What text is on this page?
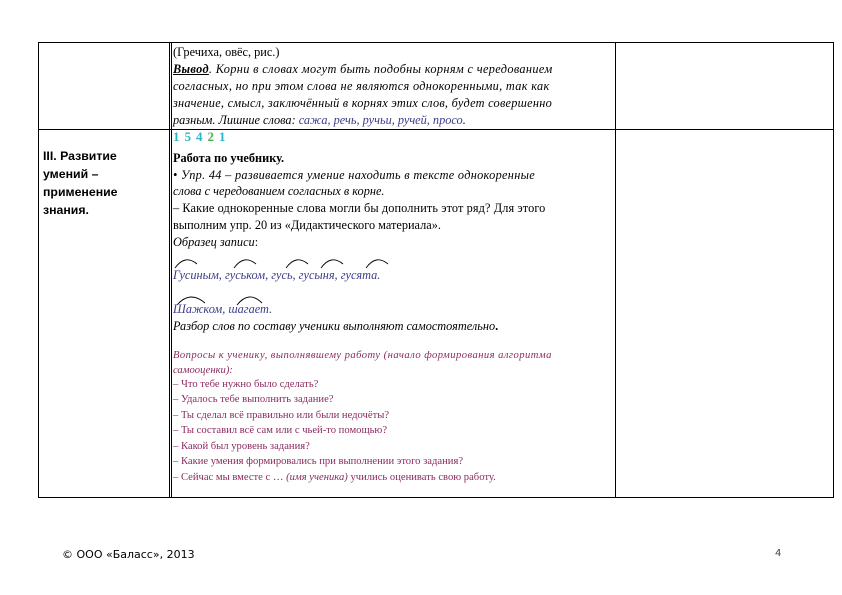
(Гречиха, овёс, рис.)
Вывод. Корни в словах могут быть подобны корням с чередованием
согласных, но при этом слова не являются однокоренными, так как
значение, смысл, заключённый в корнях этих слов, будет совершенно
разным. Лишние слова: сажа, речь, ручьи, ручей, просо.
III. Развитие умений – применение знания.
1 5 4 2 1
Работа по учебнику.
• Упр. 44 – развивается умение находить в тексте однокоренные
слова с чередованием согласных в корне.
– Какие однокоренные слова могли бы дополнить этот ряд? Для этого
выполним упр. 20 из «Дидактического материала».
Образец записи:
Гусиным, гуськом, гусь, гусыня, гусята.
Шажком, шагает.
Разбор слов по составу ученики выполняют самостоятельно.
Вопросы к ученику, выполнявшему работу (начало формирования алгоритма
самооценки):
– Что тебе нужно было сделать?
– Удалось тебе выполнить задание?
– Ты сделал всё правильно или были недочёты?
– Ты составил всё сам или с чьей-то помощью?
– Какой был уровень задания?
– Какие умения формировались при выполнении этого задания?
– Сейчас мы вместе с … (имя ученика) учились оценивать свою работу.
© ООО «Баласс», 2013	4
